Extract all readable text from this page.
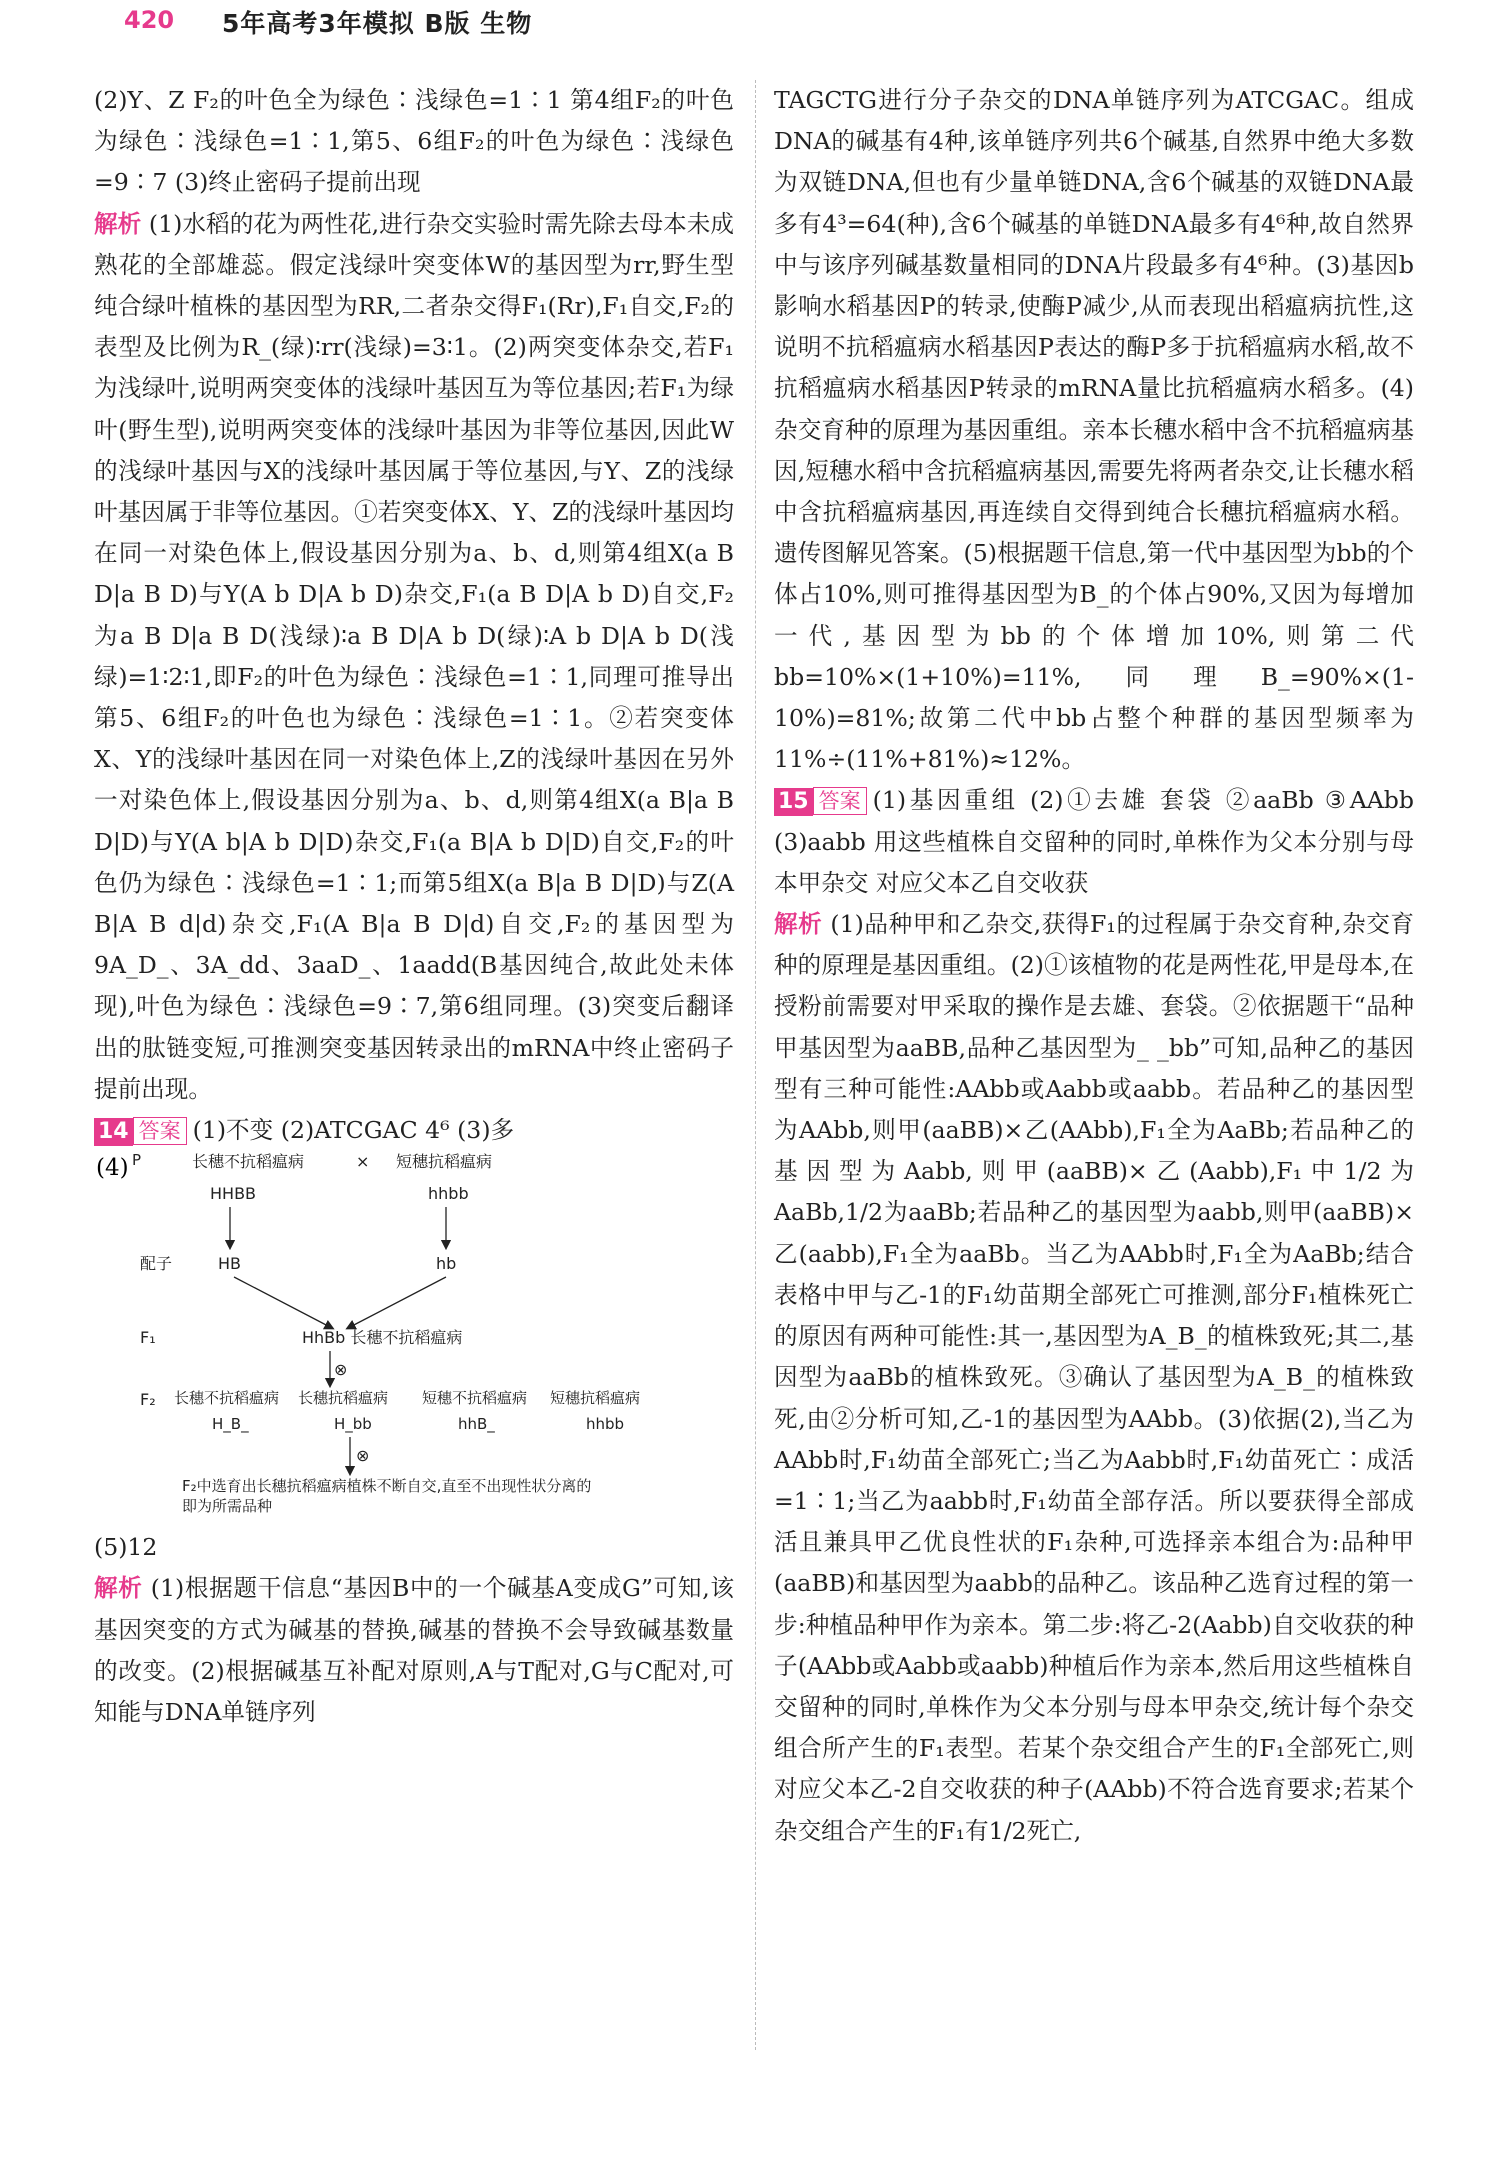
420 5年高考3年模拟 B版 生物

(2)Y、Z F₂的叶色全为绿色∶浅绿色=1∶1 第4组F₂的叶色为绿色∶浅绿色=1∶1,第5、6组F₂的叶色为绿色∶浅绿色=9∶7 (3)终止密码子提前出现

解析 (1)水稻的花为两性花,进行杂交实验时需先除去母本未成熟花的全部雄蕊。假定浅绿叶突变体W的基因型为rr,野生型纯合绿叶植株的基因型为RR,二者杂交得F₁(Rr),F₁自交,F₂的表型及比例为R_(绿)∶rr(浅绿)=3∶1。(2)两突变体杂交,若F₁为浅绿叶,说明两突变体的浅绿叶基因互为等位基因;若F₁为绿叶(野生型),说明两突变体的浅绿叶基因为非等位基因,因此W的浅绿叶基因与X的浅绿叶基因属于等位基因,与Y、Z的浅绿叶基因属于非等位基因。①若突变体X、Y、Z的浅绿叶基因均在同一对染色体上,假设基因分别为a、b、d,则第4组X(a B D|a B D)与Y(A b D|A b D)杂交,F₁(a B D|A b D)自交,F₂为a B D|a B D(浅绿)∶a B D|A b D(绿)∶A b D|A b D(浅绿)=1∶2∶1,即F₂的叶色为绿色∶浅绿色=1∶1,同理可推导出第5、6组F₂的叶色也为绿色∶浅绿色=1∶1。②若突变体X、Y的浅绿叶基因在同一对染色体上,Z的浅绿叶基因在另外一对染色体上,假设基因分别为a、b、d,则第4组X(a B|a B D|D)与Y(A b|A b D|D)杂交,F₁(a B|A b D|D)自交,F₂的叶色仍为绿色∶浅绿色=1∶1;而第5组X(a B|a B D|D)与Z(A B|A B d|d)杂交,F₁(A B|a B D|d)自交,F₂的基因型为9A_D_、3A_dd、3aaD_、1aadd(B基因纯合,故此处未体现),叶色为绿色∶浅绿色=9∶7,第6组同理。(3)突变后翻译出的肽链变短,可推测突变基因转录出的mRNA中终止密码子提前出现。

14 答案 (1)不变 (2)ATCGAC 4⁶ (3)多

(4) P	长穗不抗稻瘟病	× 短穗抗稻瘟病
HHBB	hhbb
配子	HB	hb
F₁	HhBb 长穗不抗稻瘟病
⊗
F₂ 长穗不抗稻瘟病 长穗抗稻瘟病 短穗不抗稻瘟病 短穗抗稻瘟病
H_B_	H_bb	hhB_	hhbb
⊗
F₂中选育出长穗抗稻瘟病植株不断自交,直至不出现性状分离的
即为所需品种

(5)12

解析 (1)根据题干信息“基因B中的一个碱基A变成G”可知,该基因突变的方式为碱基的替换,碱基的替换不会导致碱基数量的改变。(2)根据碱基互补配对原则,A与T配对,G与C配对,可知能与DNA单链序列

TAGCTG进行分子杂交的DNA单链序列为ATCGAC。组成DNA的碱基有4种,该单链序列共6个碱基,自然界中绝大多数为双链DNA,但也有少量单链DNA,含6个碱基的双链DNA最多有4³=64(种),含6个碱基的单链DNA最多有4⁶种,故自然界中与该序列碱基数量相同的DNA片段最多有4⁶种。(3)基因b影响水稻基因P的转录,使酶P减少,从而表现出稻瘟病抗性,这说明不抗稻瘟病水稻基因P表达的酶P多于抗稻瘟病水稻,故不抗稻瘟病水稻基因P转录的mRNA量比抗稻瘟病水稻多。(4)杂交育种的原理为基因重组。亲本长穗水稻中含不抗稻瘟病基因,短穗水稻中含抗稻瘟病基因,需要先将两者杂交,让长穗水稻中含抗稻瘟病基因,再连续自交得到纯合长穗抗稻瘟病水稻。遗传图解见答案。(5)根据题干信息,第一代中基因型为bb的个体占10%,则可推得基因型为B_的个体占90%,又因为每增加一代,基因型为bb的个体增加10%,则第二代bb=10%×(1+10%)=11%,同理B_=90%×(1-10%)=81%;故第二代中bb占整个种群的基因型频率为11%÷(11%+81%)≈12%。

15 答案 (1)基因重组 (2)①去雄 套袋 ②aaBb ③AAbb (3)aabb 用这些植株自交留种的同时,单株作为父本分别与母本甲杂交 对应父本乙自交收获

解析 (1)品种甲和乙杂交,获得F₁的过程属于杂交育种,杂交育种的原理是基因重组。(2)①该植物的花是两性花,甲是母本,在授粉前需要对甲采取的操作是去雄、套袋。②依据题干“品种甲基因型为aaBB,品种乙基因型为_ _bb”可知,品种乙的基因型有三种可能性:AAbb或Aabb或aabb。若品种乙的基因型为AAbb,则甲(aaBB)×乙(AAbb),F₁全为AaBb;若品种乙的基因型为Aabb,则甲(aaBB)×乙(Aabb),F₁中1/2为AaBb,1/2为aaBb;若品种乙的基因型为aabb,则甲(aaBB)×乙(aabb),F₁全为aaBb。当乙为AAbb时,F₁全为AaBb;结合表格中甲与乙-1的F₁幼苗期全部死亡可推测,部分F₁植株死亡的原因有两种可能性:其一,基因型为A_B_的植株致死;其二,基因型为aaBb的植株致死。③确认了基因型为A_B_的植株致死,由②分析可知,乙-1的基因型为AAbb。(3)依据(2),当乙为AAbb时,F₁幼苗全部死亡;当乙为Aabb时,F₁幼苗死亡∶成活=1∶1;当乙为aabb时,F₁幼苗全部存活。所以要获得全部成活且兼具甲乙优良性状的F₁杂种,可选择亲本组合为:品种甲(aaBB)和基因型为aabb的品种乙。该品种乙选育过程的第一步:种植品种甲作为亲本。第二步:将乙-2(Aabb)自交收获的种子(AAbb或Aabb或aabb)种植后作为亲本,然后用这些植株自交留种的同时,单株作为父本分别与母本甲杂交,统计每个杂交组合所产生的F₁表型。若某个杂交组合产生的F₁全部死亡,则对应父本乙-2自交收获的种子(AAbb)不符合选育要求;若某个杂交组合产生的F₁有1/2死亡,
